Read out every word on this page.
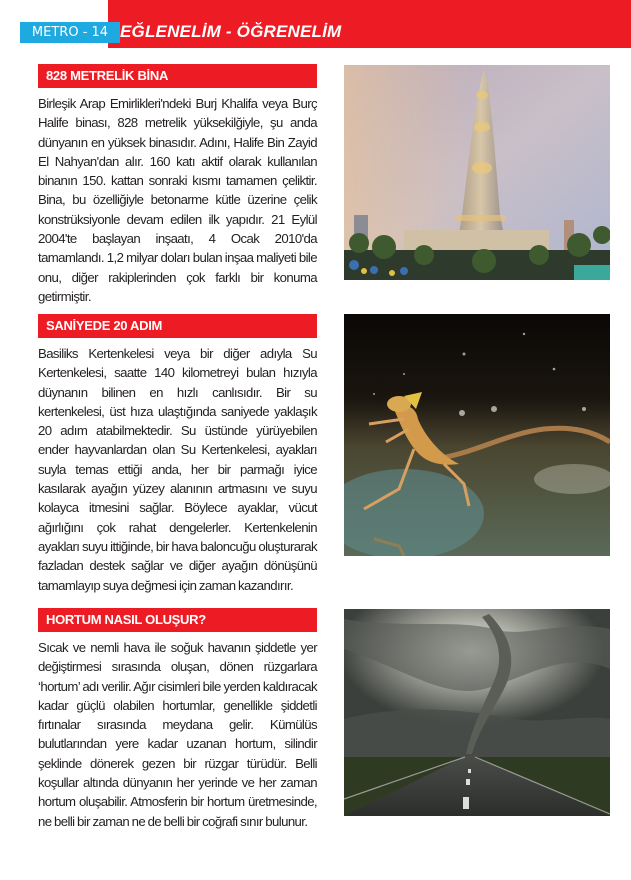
EĞLENELİM - ÖĞRENELİM
METRO - 14
828 METRELİK BİNA
Birleşik Arap Emirlikleri'ndeki Burj Khalifa veya Burç Halife binası, 828 metrelik yüksekilğiyle, şu anda dünyanın en yüksek binasıdır. Adını, Halife Bin Zayid El Nahyan'dan alır. 160 katı aktif olarak kullanılan binanın 150. kattan sonraki kısmı tamamen çeliktir. Bina, bu özelliğiyle betonarme kütle üzerine çelik konstrüksiyonle devam edilen ilk yapıdır. 21 Eylül 2004'te başlayan inşaatı, 4 Ocak 2010'da tamamlandı. 1,2 milyar doları bulan inşaa maliyeti bile onu, diğer rakiplerinden çok farklı bir konuma getirmiştir.
SANİYEDE 20 ADIM
Basiliks Kertenkelesi veya bir diğer adıyla Su Kertenkelesi, saatte 140 kilometreyi bulan hızıyla düynanın bilinen en hızlı canlısıdır. Bir su kertenkelesi, üst hıza ulaştığında saniyede yaklaşık 20 adım atabilmektedir. Su üstünde yürüyebilen ender hayvanlardan olan Su Kertenkelesi, ayakları suyla temas ettiği anda, her bir parmağı iyice kasılarak ayağın yüzey alanının artmasını ve suyu kolayca itmesini sağlar. Böylece ayaklar, vücut ağırlığını çok rahat dengelerler. Kertenkelenin ayakları suyu ittiğinde, bir hava baloncuğu oluşturarak fazladan destek sağlar ve diğer ayağın dönüşünü tamamlayıp suya değmesi için zaman kazandırır.
HORTUM NASIL OLUŞUR?
Sıcak ve nemli hava ile soğuk havanın şiddetle yer değiştirmesi sırasında oluşan, dönen rüzgarlara ‘hortum’ adı verilir. Ağır cisimleri bile yerden kaldıracak kadar güçlü olabilen hortumlar, genellikle şiddetli fırtınalar sırasında meydana gelir. Kümülüs bulutlarından yere kadar uzanan hortum, silindir şeklinde dönerek gezen bir rüzgar türüdür. Belli koşullar altında dünyanın her yerinde ve her zaman hortum oluşabilir. Atmosferin bir hortum üretmesinde, ne belli bir zaman ne de belli bir coğrafi sınır bulunur.
